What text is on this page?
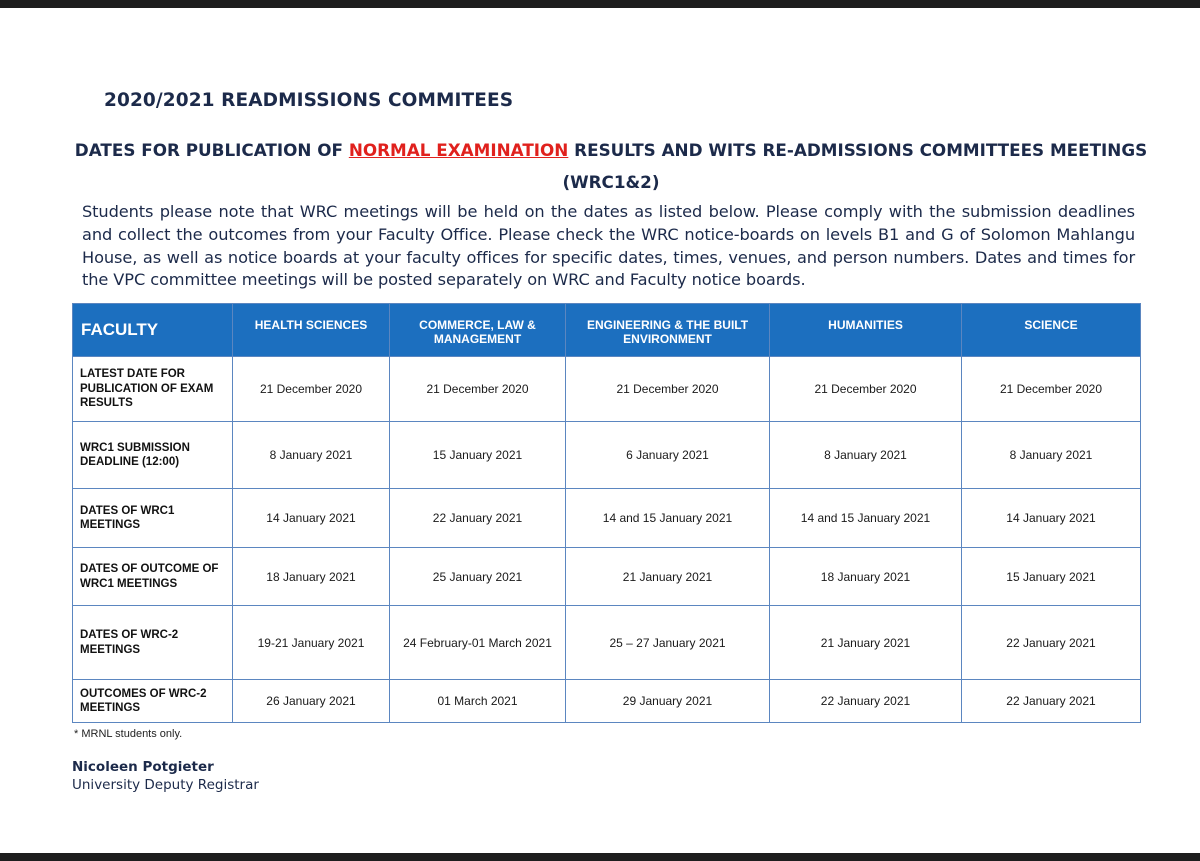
2020/2021 READMISSIONS COMMITEES
DATES FOR PUBLICATION OF NORMAL EXAMINATION RESULTS AND WITS RE-ADMISSIONS COMMITTEES MEETINGS
(WRC1&2)
Students please note that WRC meetings will be held on the dates as listed below. Please comply with the submission deadlines and collect the outcomes from your Faculty Office. Please check the WRC notice-boards on levels B1 and G of Solomon Mahlangu House, as well as notice boards at your faculty offices for specific dates, times, venues, and person numbers. Dates and times for the VPC committee meetings will be posted separately on WRC and Faculty notice boards.
FACULTY	HEALTH SCIENCES	COMMERCE, LAW & MANAGEMENT	ENGINEERING & THE BUILT ENVIRONMENT	HUMANITIES	SCIENCE
LATEST DATE FOR PUBLICATION OF EXAM RESULTS	21 December 2020	21 December 2020	21 December 2020	21 December 2020	21 December 2020
WRC1 SUBMISSION DEADLINE (12:00)	8 January 2021	15 January 2021	6 January 2021	8 January 2021	8 January 2021
DATES OF WRC1 MEETINGS	14 January 2021	22 January 2021	14 and 15 January 2021	14 and 15 January 2021	14 January 2021
DATES OF OUTCOME OF WRC1 MEETINGS	18 January 2021	25 January 2021	21 January 2021	18 January 2021	15 January 2021
DATES OF WRC-2 MEETINGS	19-21 January 2021	24 February-01 March 2021	25 – 27 January 2021	21 January 2021	22 January 2021
OUTCOMES OF WRC-2 MEETINGS	26 January 2021	01 March 2021	29 January 2021	22 January 2021	22 January 2021
* MRNL students only.
Nicoleen Potgieter
University Deputy Registrar
